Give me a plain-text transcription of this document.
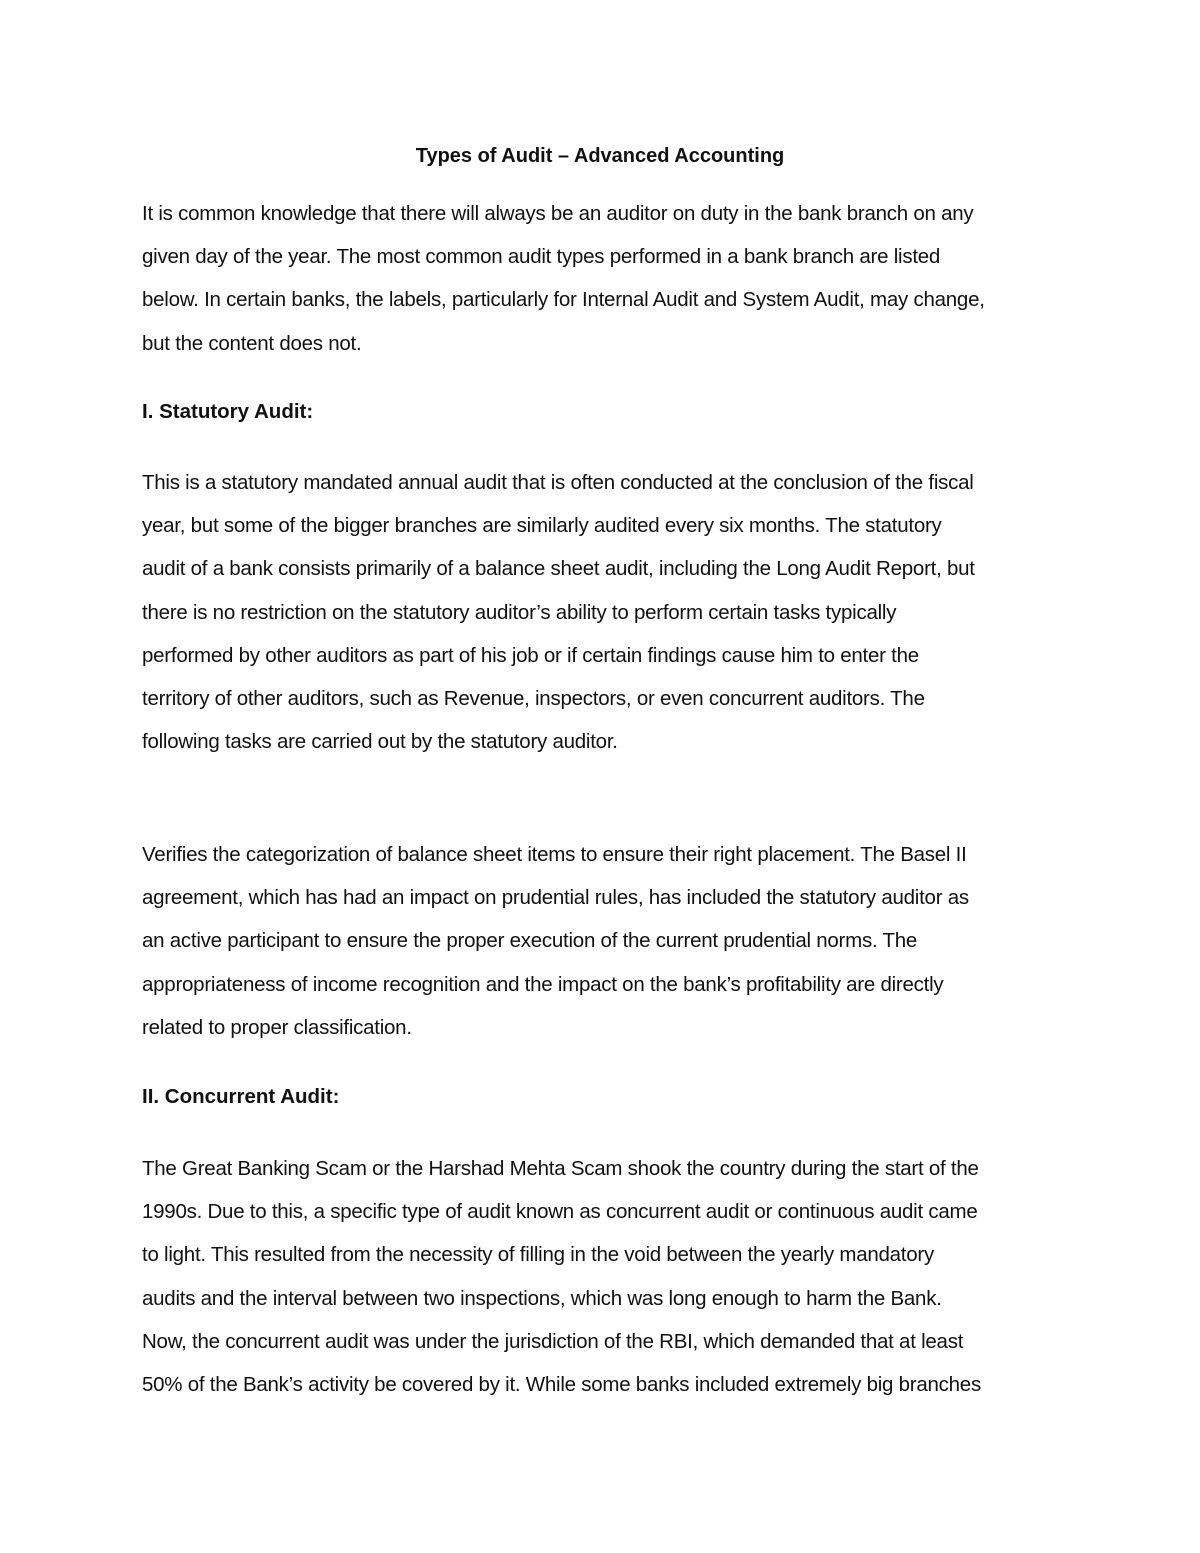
Types of Audit – Advanced Accounting

It is common knowledge that there will always be an auditor on duty in the bank branch on any
given day of the year. The most common audit types performed in a bank branch are listed
below. In certain banks, the labels, particularly for Internal Audit and System Audit, may change,
but the content does not.

I. Statutory Audit:

This is a statutory mandated annual audit that is often conducted at the conclusion of the fiscal
year, but some of the bigger branches are similarly audited every six months. The statutory
audit of a bank consists primarily of a balance sheet audit, including the Long Audit Report, but
there is no restriction on the statutory auditor’s ability to perform certain tasks typically
performed by other auditors as part of his job or if certain findings cause him to enter the
territory of other auditors, such as Revenue, inspectors, or even concurrent auditors. The
following tasks are carried out by the statutory auditor.

Verifies the categorization of balance sheet items to ensure their right placement. The Basel II
agreement, which has had an impact on prudential rules, has included the statutory auditor as
an active participant to ensure the proper execution of the current prudential norms. The
appropriateness of income recognition and the impact on the bank’s profitability are directly
related to proper classification.

II. Concurrent Audit:

The Great Banking Scam or the Harshad Mehta Scam shook the country during the start of the
1990s. Due to this, a specific type of audit known as concurrent audit or continuous audit came
to light. This resulted from the necessity of filling in the void between the yearly mandatory
audits and the interval between two inspections, which was long enough to harm the Bank.
Now, the concurrent audit was under the jurisdiction of the RBI, which demanded that at least
50% of the Bank’s activity be covered by it. While some banks included extremely big branches
